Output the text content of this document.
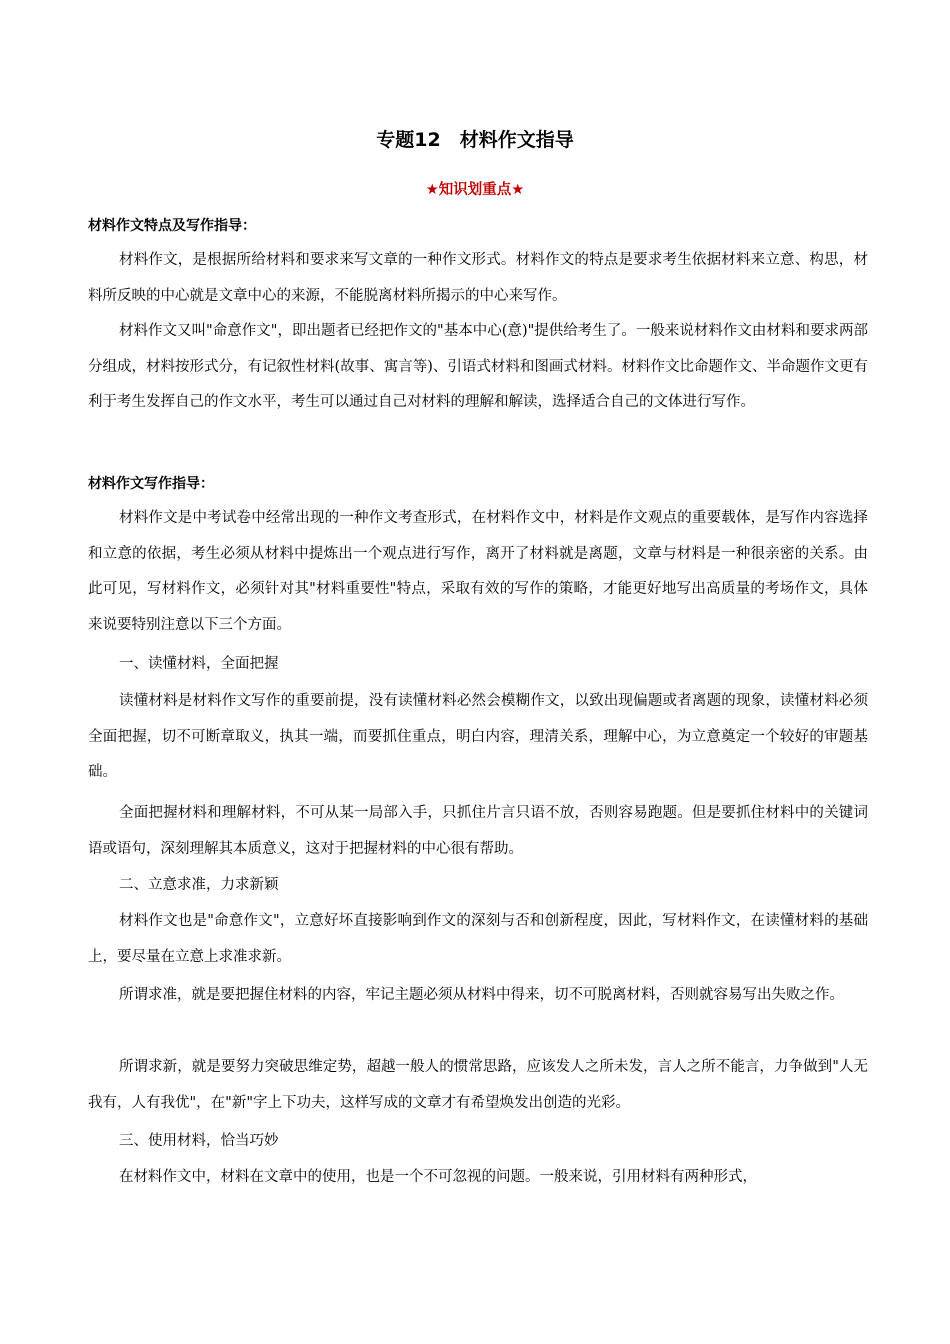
专题12　材料作文指导
★知识划重点★
材料作文特点及写作指导：

材料作文，是根据所给材料和要求来写文章的一种作文形式。材料作文的特点是要求考生依据材料来立意、构思，材料所反映的中心就是文章中心的来源，不能脱离材料所揭示的中心来写作。

材料作文又叫"命意作文"，即出题者已经把作文的"基本中心(意)"提供给考生了。一般来说材料作文由材料和要求两部分组成，材料按形式分，有记叙性材料(故事、寓言等)、引语式材料和图画式材料。材料作文比命题作文、半命题作文更有利于考生发挥自己的作文水平，考生可以通过自己对材料的理解和解读，选择适合自己的文体进行写作。

材料作文写作指导：

材料作文是中考试卷中经常出现的一种作文考查形式，在材料作文中，材料是作文观点的重要载体，是写作内容选择和立意的依据，考生必须从材料中提炼出一个观点进行写作，离开了材料就是离题，文章与材料是一种很亲密的关系。由此可见，写材料作文，必须针对其"材料重要性"特点，采取有效的写作的策略，才能更好地写出高质量的考场作文，具体来说要特别注意以下三个方面。

一、读懂材料，全面把握

读懂材料是材料作文写作的重要前提，没有读懂材料必然会模糊作文，以致出现偏题或者离题的现象，读懂材料必须全面把握，切不可断章取义，执其一端，而要抓住重点，明白内容，理清关系，理解中心，为立意奠定一个较好的审题基础。

全面把握材料和理解材料，不可从某一局部入手，只抓住片言只语不放，否则容易跑题。但是要抓住材料中的关键词语或语句，深刻理解其本质意义，这对于把握材料的中心很有帮助。

二、立意求准，力求新颖

材料作文也是"命意作文"，立意好坏直接影响到作文的深刻与否和创新程度，因此，写材料作文，在读懂材料的基础上，要尽量在立意上求准求新。

所谓求准，就是要把握住材料的内容，牢记主题必须从材料中得来，切不可脱离材料，否则就容易写出失败之作。

所谓求新，就是要努力突破思维定势，超越一般人的惯常思路，应该发人之所未发，言人之所不能言，力争做到"人无我有，人有我优"，在"新"字上下功夫，这样写成的文章才有希望焕发出创造的光彩。

三、使用材料，恰当巧妙

在材料作文中，材料在文章中的使用，也是一个不可忽视的问题。一般来说，引用材料有两种形式，
